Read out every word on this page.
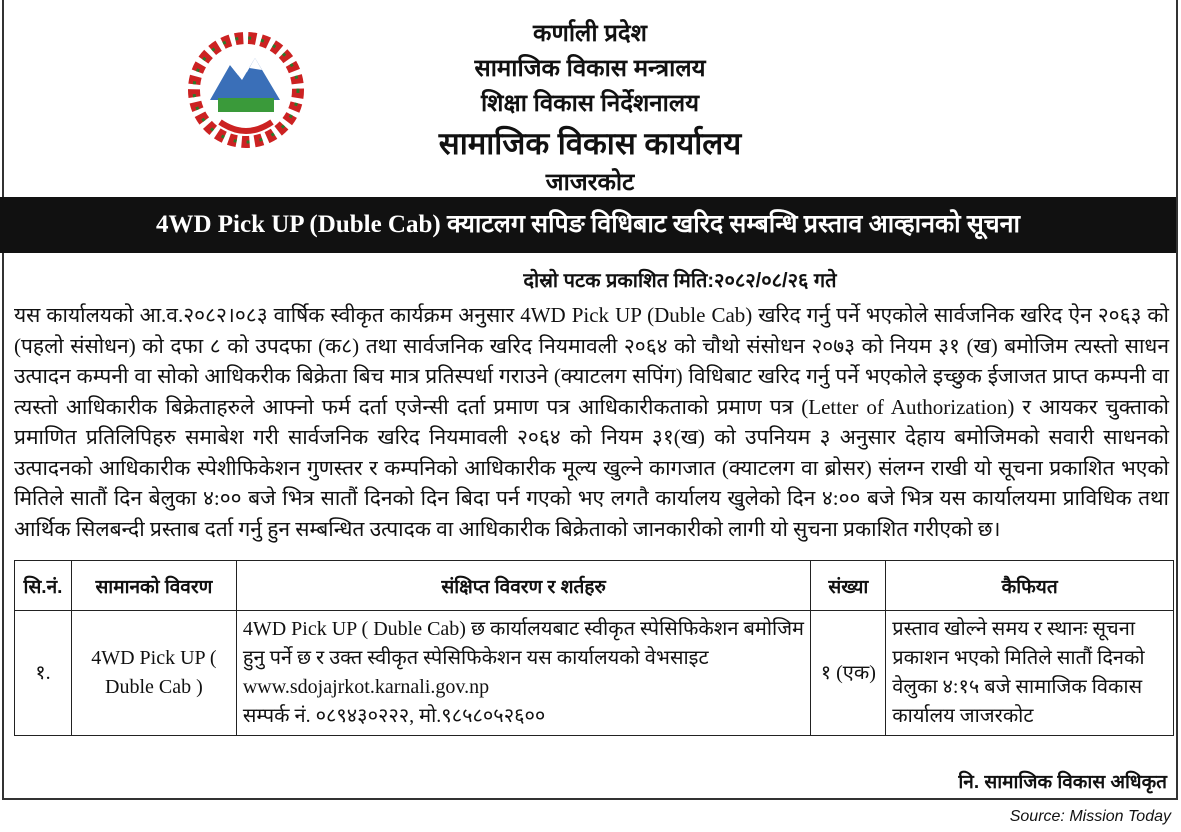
कर्णाली प्रदेश
सामाजिक विकास मन्त्रालय
शिक्षा विकास निर्देशनालय
सामाजिक विकास कार्यालय
जाजरकोट
4WD Pick UP (Duble Cab) क्याटलग सपिङ विधिबाट खरिद सम्बन्धि प्रस्ताव आव्हानको सूचना
दोस्रो पटक प्रकाशित मिति:२०८२/०८/२६ गते
यस कार्यालयको आ.व.२०८२।०८३ वार्षिक स्वीकृत कार्यक्रम अनुसार 4WD Pick UP (Duble Cab) खरिद गर्नु पर्ने भएकोले सार्वजनिक खरिद ऐन २०६३ को (पहलो संसोधन) को दफा ८ को उपदफा (क८) तथा सार्वजनिक खरिद नियमावली २०६४ को चौथो संसोधन २०७३ को नियम ३१ (ख) बमोजिम त्यस्तो साधन उत्पादन कम्पनी वा सोको आधिकरीक बिक्रेता बिच मात्र प्रतिस्पर्धा गराउने (क्याटलग सपिंग) विधिबाट खरिद गर्नु पर्ने भएकोले इच्छुक ईजाजत प्राप्त कम्पनी वा त्यस्तो आधिकारीक बिक्रेताहरुले आफ्नो फर्म दर्ता एजेन्सी दर्ता प्रमाण पत्र आधिकारीकताको प्रमाण पत्र (Letter of Authorization) र आयकर चुक्ताको प्रमाणित प्रतिलिपिहरु समाबेश गरी सार्वजनिक खरिद नियमावली २०६४ को नियम ३१(ख) को उपनियम ३ अनुसार देहाय बमोजिमको सवारी साधनको उत्पादनको आधिकारीक स्पेशीफिकेशन गुणस्तर र कम्पनिको आधिकारीक मूल्य खुल्ने कागजात (क्याटलग वा ब्रोसर) संलग्न राखी यो सूचना प्रकाशित भएको मितिले सातौं दिन बेलुका ४:०० बजे भित्र सातौं दिनको दिन बिदा पर्न गएको भए लगतै कार्यालय खुलेको दिन ४:०० बजे भित्र यस कार्यालयमा प्राविधिक तथा आर्थिक सिलबन्दी प्रस्ताब दर्ता गर्नु हुन सम्बन्धित उत्पादक वा आधिकारीक बिक्रेताको जानकारीको लागी यो सुचना प्रकाशित गरीएको छ।
सि.नं.	सामानको विवरण	संक्षिप्त विवरण र शर्तहरु	संख्या	कैफियत
१.	4WD Pick UP ( Duble Cab )	4WD Pick UP ( Duble Cab) छ कार्यालयबाट स्वीकृत स्पेसिफिकेशन बमोजिम हुनु पर्ने छ र उक्त स्वीकृत स्पेसिफिकेशन यस कार्यालयको वेभसाइट www.sdojajrkot.karnali.gov.np
सम्पर्क नं. ०८९४३०२२२, मो.९८५८०५२६००	१ (एक)	प्रस्ताव खोल्ने समय र स्थानः सूचना प्रकाशन भएको मितिले सातौं दिनको वेलुका ४:१५ बजे सामाजिक विकास कार्यालय जाजरकोट
नि. सामाजिक विकास अधिकृत
Source: Mission Today
